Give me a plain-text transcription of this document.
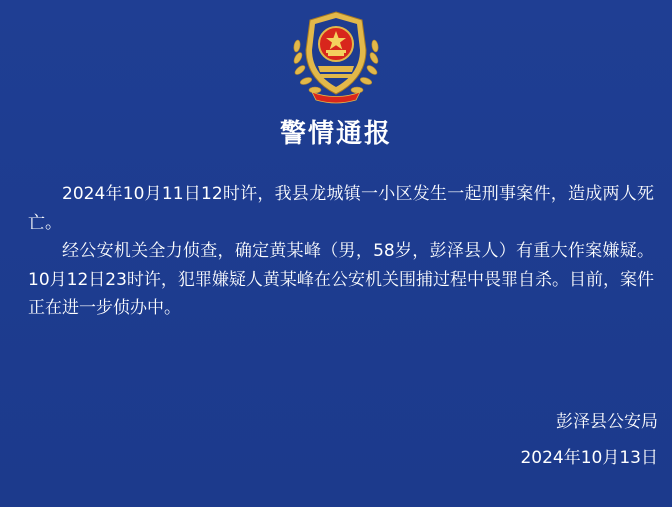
警情通报

2024年10月11日12时许，我县龙城镇一小区发生一起刑事案件，造成两人死亡。

经公安机关全力侦查，确定黄某峰（男，58岁，彭泽县人）有重大作案嫌疑。10月12日23时许，犯罪嫌疑人黄某峰在公安机关围捕过程中畏罪自杀。目前，案件正在进一步侦办中。

彭泽县公安局
2024年10月13日
